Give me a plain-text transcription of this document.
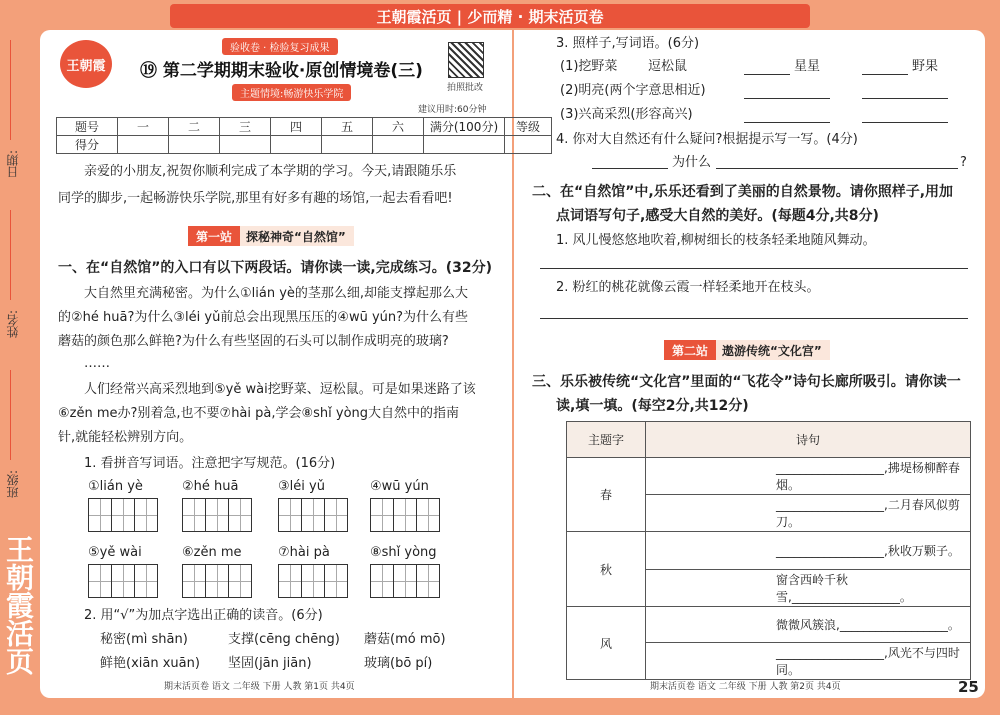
王朝霞活页 | 少而精 · 期末活页卷
日期:
姓名:
班级:
王朝霞活页
王朝霞
验收卷 · 检验复习成果
⑲ 第二学期期末验收·原创情境卷(三)
主题情境:畅游快乐学院
拍照批改
建议用时:60分钟
题号	一	二	三	四	五	六	满分(100分)	等级
得分								
亲爱的小朋友,祝贺你顺利完成了本学期的学习。今天,请跟随乐乐
同学的脚步,一起畅游快乐学院,那里有好多有趣的场馆,一起去看看吧!
第一站	探秘神奇“自然馆”
一、在“自然馆”的入口有以下两段话。请你读一读,完成练习。(32分)
大自然里充满秘密。为什么①lián yè的茎那么细,却能支撑起那么大
的②hé huā?为什么③léi yǔ前总会出现黑压压的④wū yún?为什么有些
蘑菇的颜色那么鲜艳?为什么有些坚固的石头可以制作成明亮的玻璃?
……
人们经常兴高采烈地到⑤yě wài挖野菜、逗松鼠。可是如果迷路了该
⑥zěn me办?别着急,也不要⑦hài pà,学会⑧shǐ yòng大自然中的指南
针,就能轻松辨别方向。
1. 看拼音写词语。注意把字写规范。(16分)
①lián yè	②hé huā	③léi yǔ	④wū yún
⑤yě wài	⑥zěn me	⑦hài pà	⑧shǐ yòng
2. 用“√”为加点字选出正确的读音。(6分)
秘密(mì shān)	支撑(cēng chēng) 蘑菇(mó mō)
鲜艳(xiān xuān) 坚固(jān jiān)	玻璃(bō pí)
期末活页卷 语文 二年级 下册 人教 第1页 共4页
3. 照样子,写词语。(6分)
(1)挖野菜 逗松鼠	星星	野果
(2)明亮(两个字意思相近)
(3)兴高采烈(形容高兴)
4. 你对大自然还有什么疑问?根据提示写一写。(4分)
为什么	?
二、在“自然馆”中,乐乐还看到了美丽的自然景物。请你照样子,用加
点词语写句子,感受大自然的美好。(每题4分,共8分)
1. 风儿慢悠悠地吹着,柳树细长的枝条轻柔地随风舞动。
2. 粉红的桃花就像云霞一样轻柔地开在枝头。
第二站	遨游传统“文化宫”
三、乐乐被传统“文化宫”里面的“飞花令”诗句长廊所吸引。请你读一
读,填一填。(每空2分,共12分)
主题字	诗句
春	__________________,拂堤杨柳醉春烟。
	__________________,二月春风似剪刀。
秋	__________________,秋收万颗子。
	窗含西岭千秋雪,__________________。
风	微微风簇浪,__________________。
	__________________,风光不与四时同。
期末活页卷 语文 二年级 下册 人教 第2页 共4页	25
